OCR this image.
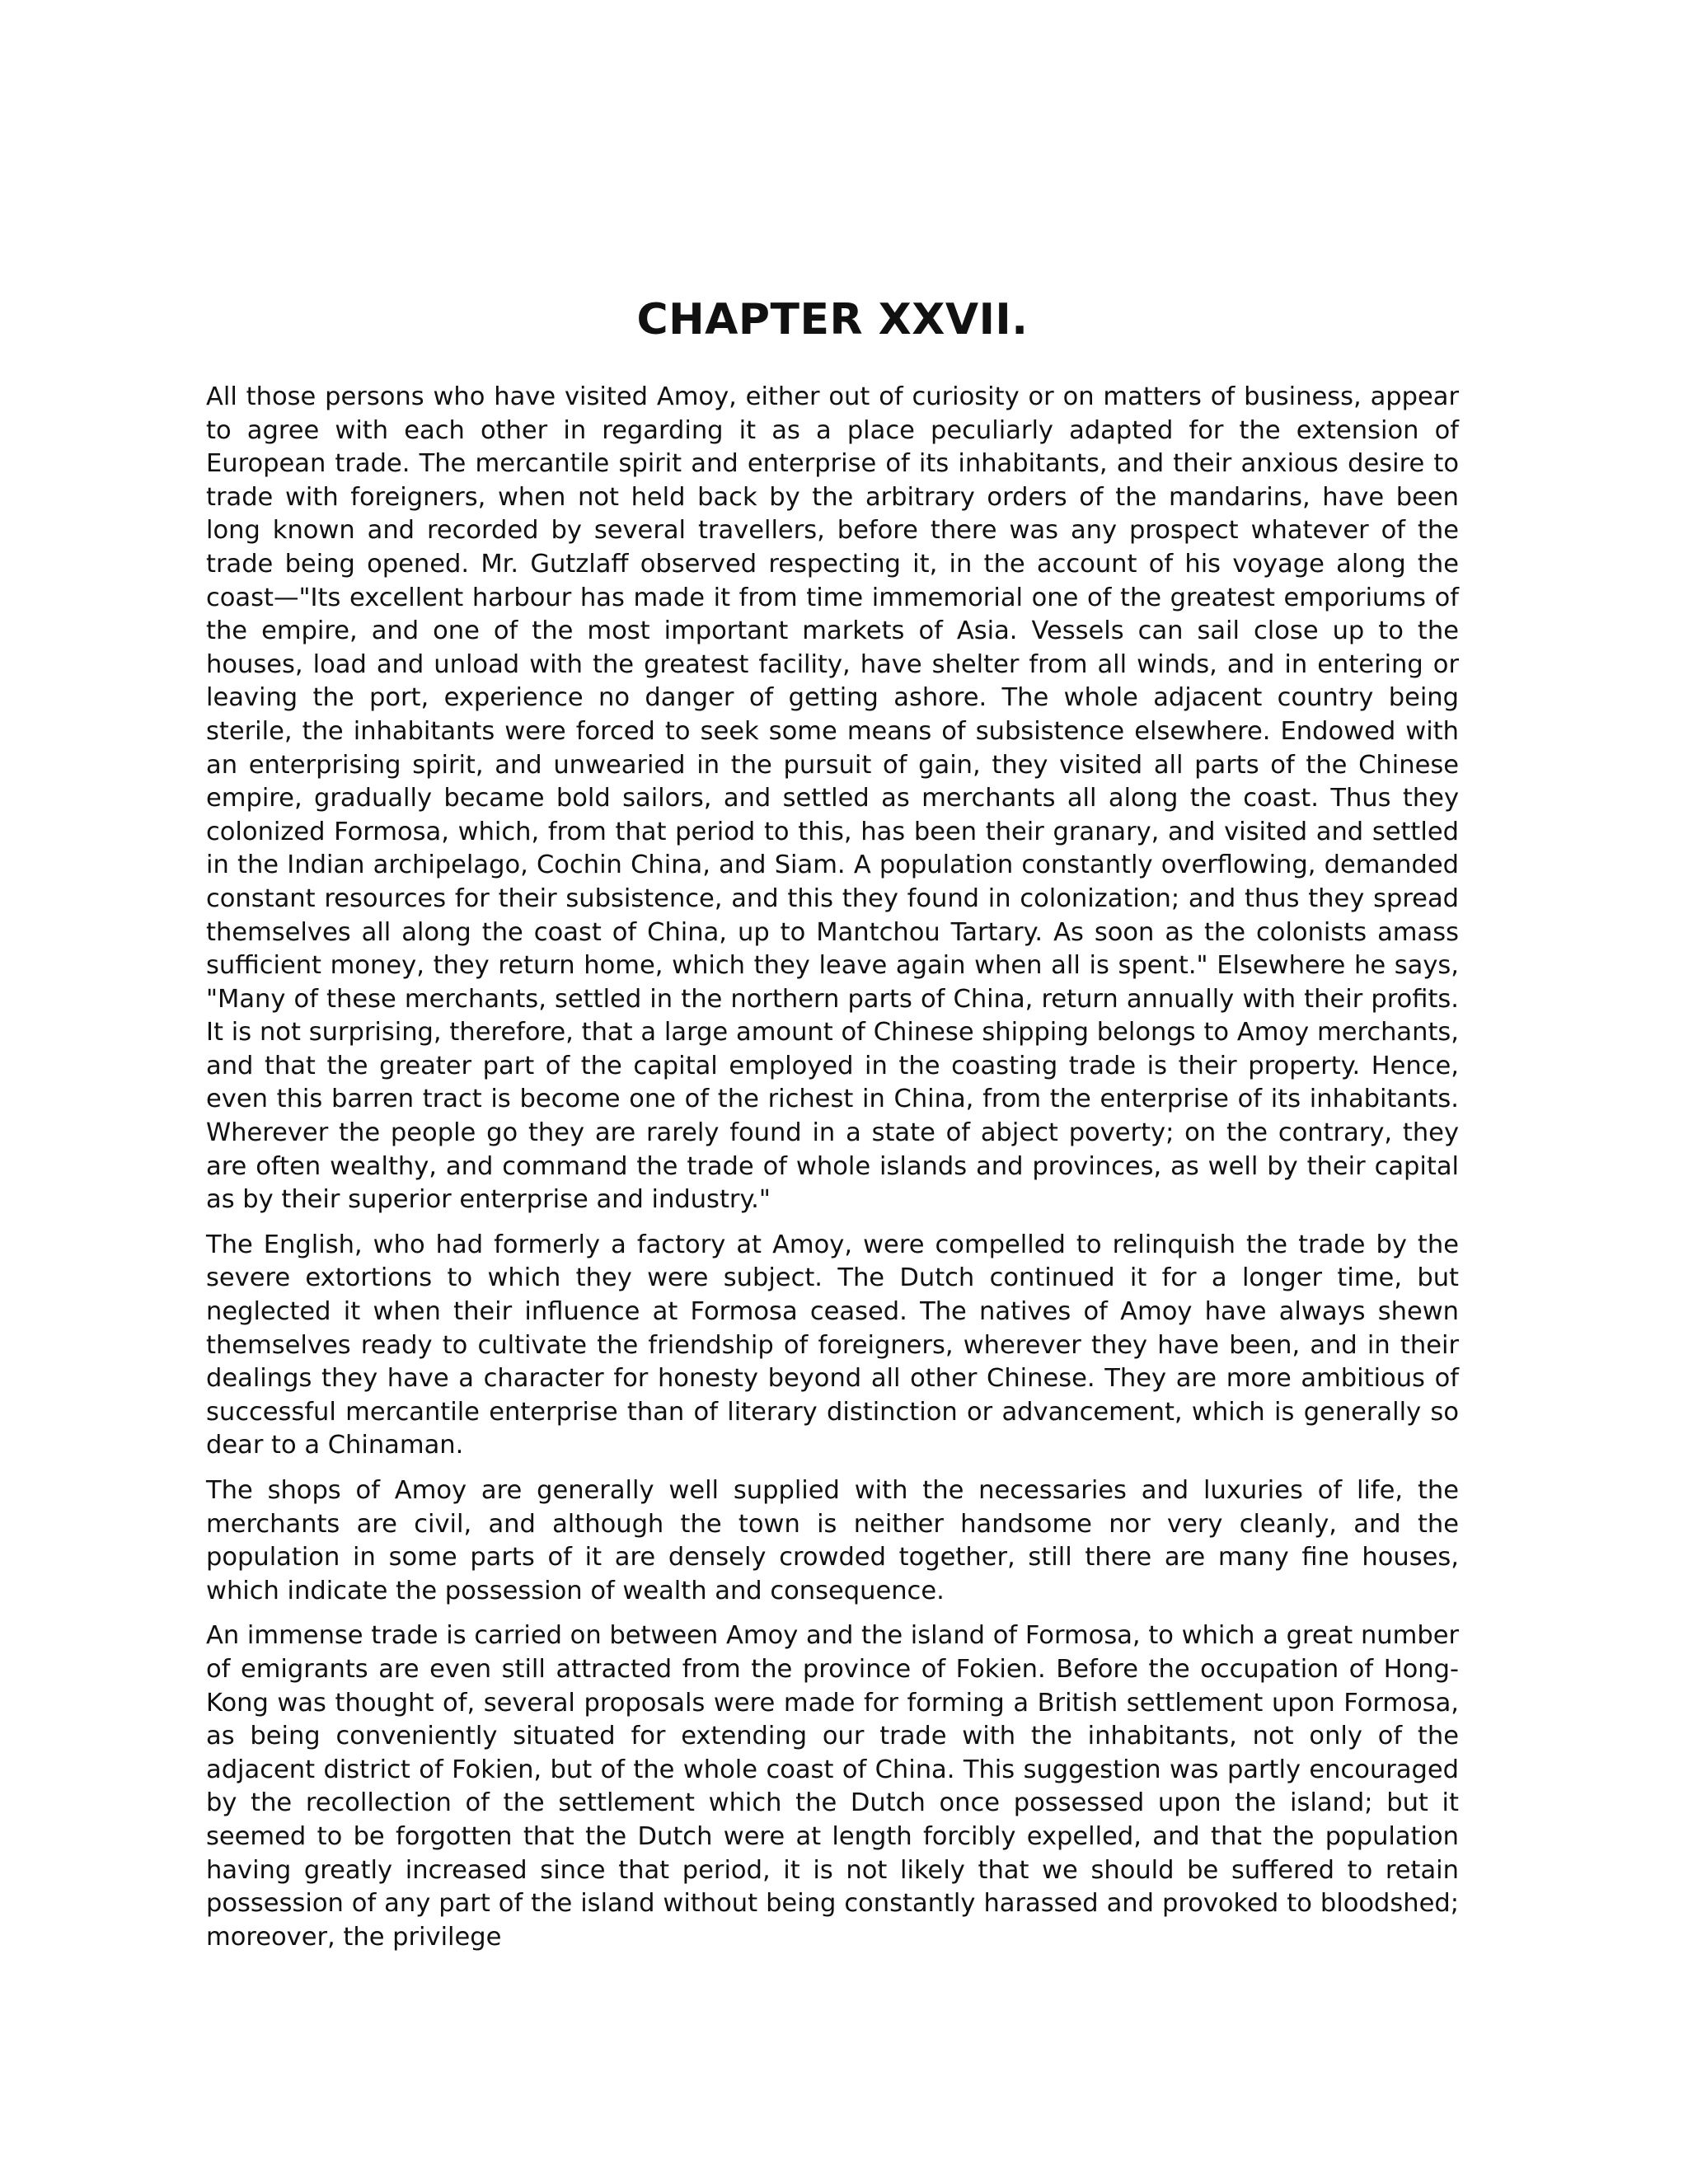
CHAPTER XXVII.

All those persons who have visited Amoy, either out of curiosity or on matters of business, appear to agree with each other in regarding it as a place peculiarly adapted for the extension of European trade. The mercantile spirit and enterprise of its inhabitants, and their anxious desire to trade with foreigners, when not held back by the arbitrary orders of the mandarins, have been long known and recorded by several travellers, before there was any prospect whatever of the trade being opened. Mr. Gutzlaff observed respecting it, in the account of his voyage along the coast—"Its excellent harbour has made it from time immemorial one of the greatest emporiums of the empire, and one of the most important markets of Asia. Vessels can sail close up to the houses, load and unload with the greatest facility, have shelter from all winds, and in entering or leaving the port, experience no danger of getting ashore. The whole adjacent country being sterile, the inhabitants were forced to seek some means of subsistence elsewhere. Endowed with an enterprising spirit, and unwearied in the pursuit of gain, they visited all parts of the Chinese empire, gradually became bold sailors, and settled as merchants all along the coast. Thus they colonized Formosa, which, from that period to this, has been their granary, and visited and settled in the Indian archipelago, Cochin China, and Siam. A population constantly overflowing, demanded constant resources for their subsistence, and this they found in colonization; and thus they spread themselves all along the coast of China, up to Mantchou Tartary. As soon as the colonists amass sufficient money, they return home, which they leave again when all is spent." Elsewhere he says, "Many of these merchants, settled in the northern parts of China, return annually with their profits. It is not surprising, therefore, that a large amount of Chinese shipping belongs to Amoy merchants, and that the greater part of the capital employed in the coasting trade is their property. Hence, even this barren tract is become one of the richest in China, from the enterprise of its inhabitants. Wherever the people go they are rarely found in a state of abject poverty; on the contrary, they are often wealthy, and command the trade of whole islands and provinces, as well by their capital as by their superior enterprise and industry."

The English, who had formerly a factory at Amoy, were compelled to relinquish the trade by the severe extortions to which they were subject. The Dutch continued it for a longer time, but neglected it when their influence at Formosa ceased. The natives of Amoy have always shewn themselves ready to cultivate the friendship of foreigners, wherever they have been, and in their dealings they have a character for honesty beyond all other Chinese. They are more ambitious of successful mercantile enterprise than of literary distinction or advancement, which is generally so dear to a Chinaman.

The shops of Amoy are generally well supplied with the necessaries and luxuries of life, the merchants are civil, and although the town is neither handsome nor very cleanly, and the population in some parts of it are densely crowded together, still there are many fine houses, which indicate the possession of wealth and consequence.

An immense trade is carried on between Amoy and the island of Formosa, to which a great number of emigrants are even still attracted from the province of Fokien. Before the occupation of Hong-Kong was thought of, several proposals were made for forming a British settlement upon Formosa, as being conveniently situated for extending our trade with the inhabitants, not only of the adjacent district of Fokien, but of the whole coast of China. This suggestion was partly encouraged by the recollection of the settlement which the Dutch once possessed upon the island; but it seemed to be forgotten that the Dutch were at length forcibly expelled, and that the population having greatly increased since that period, it is not likely that we should be suffered to retain possession of any part of the island without being constantly harassed and provoked to bloodshed; moreover, the privilege
